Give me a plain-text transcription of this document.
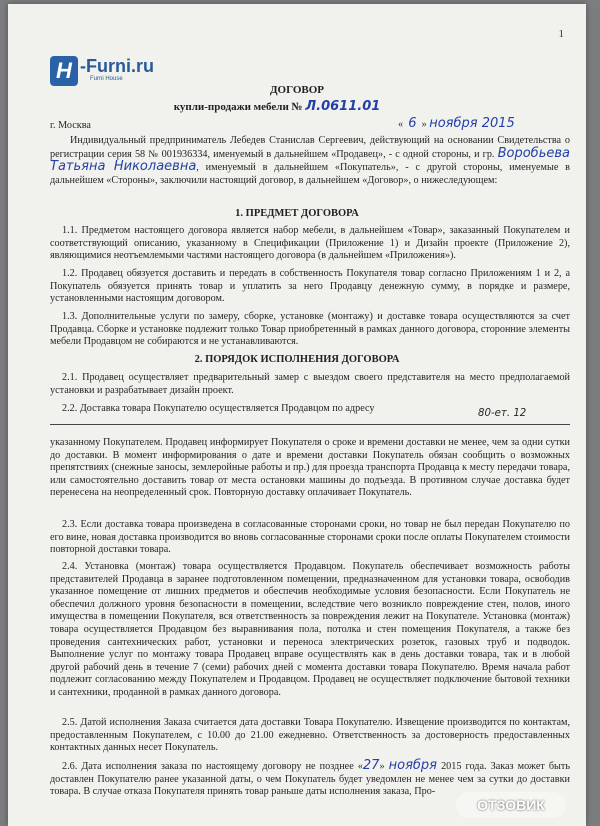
1
H -Furni.ru
Furni House
ДОГОВОР
купли-продажи мебели № Л.0611.01
г. Москва	«  6  » ноября 2015

Индивидуальный предприниматель Лебедев Станислав Сергеевич, действующий на основании Свидетельства о регистрации серия 58 № 001936334, именуемый в дальнейшем «Продавец», - с одной стороны, и гр. Воробьева Татьяна Николаевна, именуемый в дальнейшем «Покупатель», - с другой стороны, именуемые в дальнейшем «Стороны», заключили настоящий договор, в дальнейшем «Договор», о нижеследующем:

1. ПРЕДМЕТ ДОГОВОРА

1.1. Предметом настоящего договора является набор мебели, в дальнейшем «Товар», заказанный Покупателем и соответствующий описанию, указанному в Спецификации (Приложение 1) и Дизайн проекте (Приложение 2), являющимися неотъемлемыми частями настоящего договора (в дальнейшем «Приложения»).

1.2. Продавец обязуется доставить и передать в собственность Покупателя товар согласно Приложениям 1 и 2, а Покупатель обязуется принять товар и уплатить за него Продавцу денежную сумму, в порядке и размере, установленными настоящим договором.

1.3. Дополнительные услуги по замеру, сборке, установке (монтажу) и доставке товара осуществляются за счет Продавца. Сборке и установке подлежит только Товар приобретенный в рамках данного договора, сторонние элементы мебели Продавцом не собираются и не устанавливаются.

2. ПОРЯДОК ИСПОЛНЕНИЯ ДОГОВОРА

2.1. Продавец осуществляет предварительный замер с выездом своего представителя на место предполагаемой установки и разрабатывает дизайн проект.

2.2. Доставка товара Покупателю осуществляется Продавцом по адресу	80-ет. 12

указанному Покупателем. Продавец информирует Покупателя о сроке и времени доставки не менее, чем за одни сутки до доставки. В момент информирования о дате и времени доставки Покупатель обязан сообщить о возможных препятствиях (снежные заносы, землеройные работы и пр.) для проезда транспорта Продавца к месту передачи товара, или самостоятельно доставить товар от места остановки машины до подъезда. В противном случае доставка будет перенесена на неопределенный срок. Повторную доставку оплачивает Покупатель.

2.3. Если доставка товара произведена в согласованные сторонами сроки, но товар не был передан Покупателю по его вине, новая доставка производится во вновь согласованные сторонами сроки после оплаты Покупателем стоимости повторной доставки товара.

2.4. Установка (монтаж) товара осуществляется Продавцом. Покупатель обеспечивает возможность работы представителей Продавца в заранее подготовленном помещении, предназначенном для установки товара, освободив указанное помещение от лишних предметов и обеспечив необходимые условия безопасности. Если Покупатель не обеспечил должного уровня безопасности в помещении, вследствие чего возникло повреждение стен, полов, иного имущества в помещении Покупателя, вся ответственность за повреждения лежит на Покупателе. Установка (монтаж) товара осуществляется Продавцом без выравнивания пола, потолка и стен помещения Покупателя, а также без проведения сантехнических работ, установки и переноса электрических розеток, газовых труб и подводок. Выполнение услуг по монтажу товара Продавец вправе осуществлять как в день доставки товара, так и в любой другой рабочий день в течение 7 (семи) рабочих дней с момента доставки товара Покупателю. Время начала работ подлежит согласованию между Покупателем и Продавцом. Продавец не осуществляет подключение бытовой техники и сантехники, проданной в рамках данного договора.

2.5. Датой исполнения Заказа считается дата доставки Товара Покупателю. Извещение производится по контактам, предоставленным Покупателем, с 10.00 до 21.00 ежедневно. Ответственность за достоверность предоставленных контактных данных несет Покупатель.

2.6. Дата исполнения заказа по настоящему договору не позднее «27» ноября 2015 года. Заказ может быть доставлен Покупателю ранее указанной даты, о чем Покупатель будет уведомлен не менее чем за сутки до доставки товара. В случае отказа Покупателя принять товар раньше даты исполнения заказа, Про-

ОТЗОВИК
